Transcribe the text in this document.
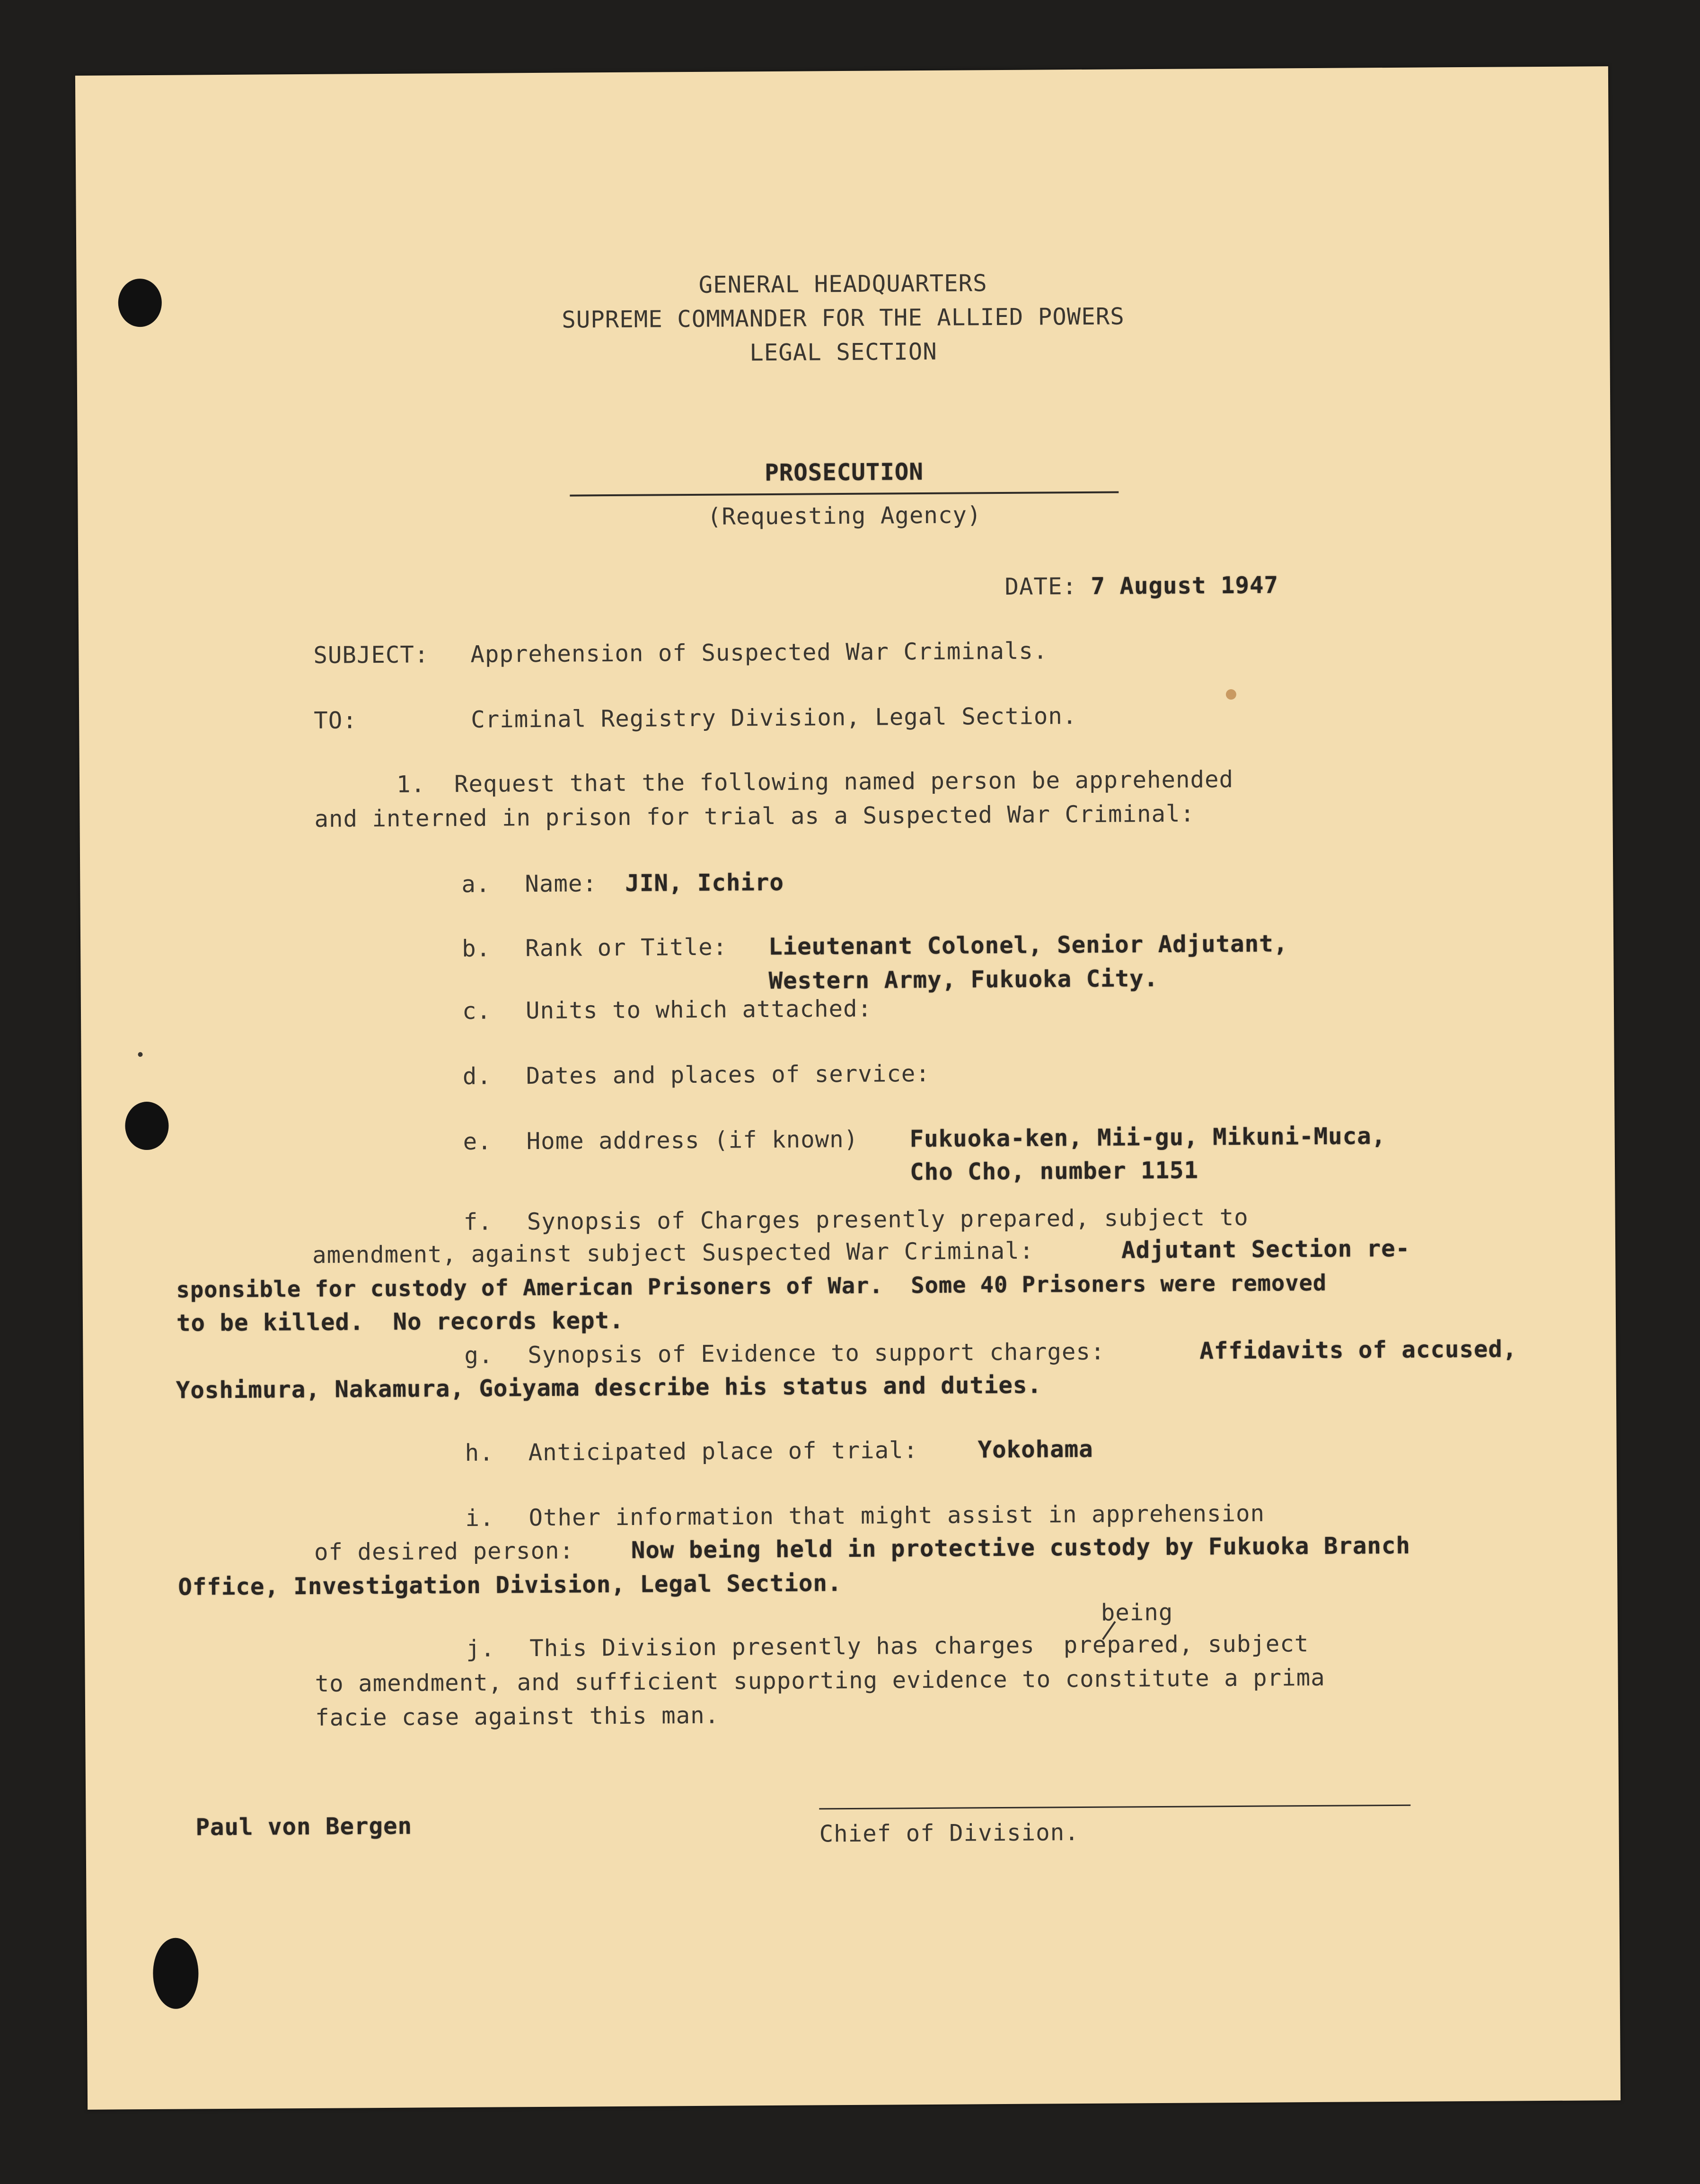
GENERAL HEADQUARTERS
SUPREME COMMANDER FOR THE ALLIED POWERS
LEGAL SECTION
PROSECUTION
(Requesting Agency)
DATE: 7 August 1947
SUBJECT: Apprehension of Suspected War Criminals.
TO:	Criminal Registry Division, Legal Section.
1.  Request that the following named person be apprehended
and interned in prison for trial as a Suspected War Criminal:
a. Name: JIN, Ichiro
b. Rank or Title: Lieutenant Colonel, Senior Adjutant,
Western Army, Fukuoka City.
c. Units to which attached:
d. Dates and places of service:
e. Home address (if known) Fukuoka-ken, Mii-gu, Mikuni-Muca,
Cho Cho, number 1151
f. Synopsis of Charges presently prepared, subject to
amendment, against subject Suspected War Criminal:	Adjutant Section re-
sponsible for custody of American Prisoners of War.  Some 40 Prisoners were removed
to be killed.  No records kept.
g. Synopsis of Evidence to support charges:	Affidavits of accused,
Yoshimura, Nakamura, Goiyama describe his status and duties.
h. Anticipated place of trial:	Yokohama
i. Other information that might assist in apprehension
of desired person: Now being held in protective custody by Fukuoka Branch
Office, Investigation Division, Legal Section.
being
j. This Division presently has charges  prepared, subject
to amendment, and sufficient supporting evidence to constitute a prima
facie case against this man.
Paul von Bergen	Chief of Division.
